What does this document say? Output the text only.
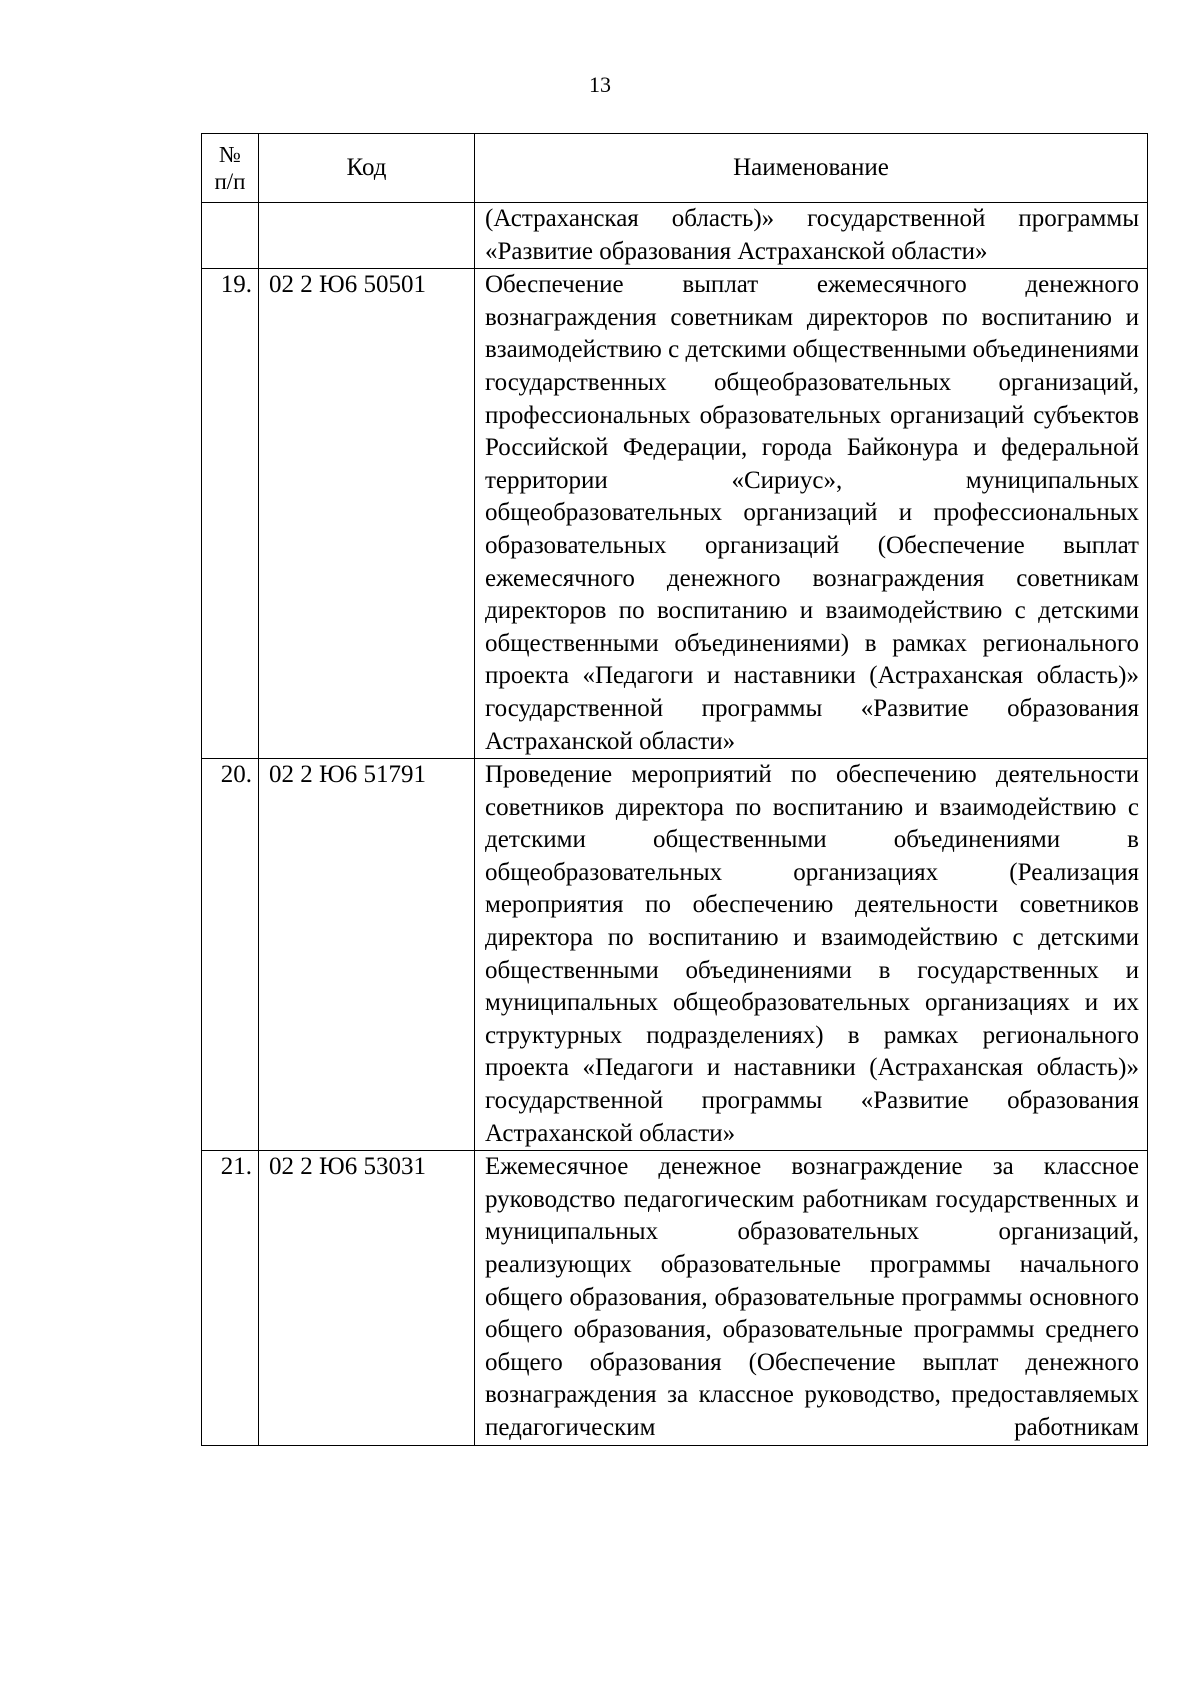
13
№
п/п	Код	Наименование
		(Астраханская область)» государственной программы «Развитие образования Астраханской области»
19.	02 2 Ю6 50501	Обеспечение выплат ежемесячного денежного вознаграждения советникам директоров по воспитанию и взаимодействию с детскими общественными объединениями государственных общеобразовательных организаций, профессиональных образовательных организаций субъектов Российской Федерации, города Байконура и федеральной территории «Сириус», муниципальных общеобразовательных организаций и профессиональных образовательных организаций (Обеспечение выплат ежемесячного денежного вознаграждения советникам директоров по воспитанию и взаимодействию с детскими общественными объединениями) в рамках регионального проекта «Педагоги и наставники (Астраханская область)» государственной программы «Развитие образования Астраханской области»
20.	02 2 Ю6 51791	Проведение мероприятий по обеспечению деятельности советников директора по воспитанию и взаимодействию с детскими общественными объединениями в общеобразовательных организациях (Реализация мероприятия по обеспечению деятельности советников директора по воспитанию и взаимодействию с детскими общественными объединениями в государственных и муниципальных общеобразовательных организациях и их структурных подразделениях) в рамках регионального проекта «Педагоги и наставники (Астраханская область)» государственной программы «Развитие образования Астраханской области»
21.	02 2 Ю6 53031	Ежемесячное денежное вознаграждение за классное руководство педагогическим работникам государственных и муниципальных образовательных организаций, реализующих образовательные программы начального общего образования, образовательные программы основного общего образования, образовательные программы среднего общего образования (Обеспечение выплат денежного вознаграждения за классное руководство, предоставляемых педагогическим работникам
